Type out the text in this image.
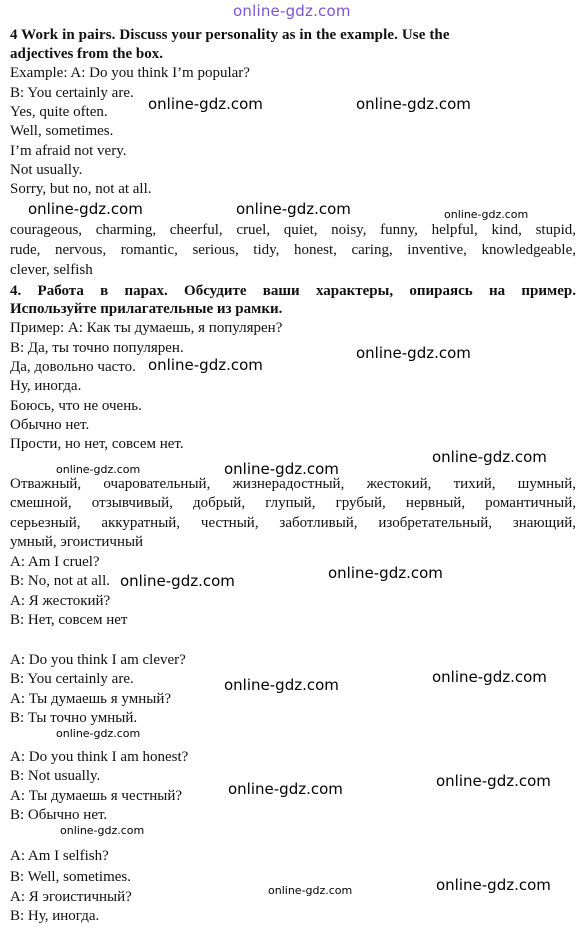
online-gdz.com
4 Work in pairs. Discuss your personality as in the example. Use the
adjectives from the box.
Example: A: Do you think I’m popular?
B: You certainly are.
Yes, quite often.
Well, sometimes.
I’m afraid not very.
Not usually.
Sorry, but no, not at all.
courageous, charming, cheerful, cruel, quiet, noisy, funny, helpful, kind, stupid,
rude, nervous, romantic, serious, tidy, honest, caring, inventive, knowledgeable,
clever, selfish
4. Работа в парах. Обсудите ваши характеры, опираясь на пример.
Используйте прилагательные из рамки.
Пример: А: Как ты думаешь, я популярен?
В: Да, ты точно популярен.
Да, довольно часто.
Ну, иногда.
Боюсь, что не очень.
Обычно нет.
Прости, но нет, совсем нет.
Отважный, очаровательный, жизнерадостный, жестокий, тихий, шумный,
смешной, отзывчивый, добрый, глупый, грубый, нервный, романтичный,
серьезный, аккуратный, честный, заботливый, изобретательный, знающий,
умный, эгоистичный
A: Am I cruel?
B: No, not at all.
А: Я жестокий?
В: Нет, совсем нет
A: Do you think I am clever?
B: You certainly are.
А: Ты думаешь я умный?
В: Ты точно умный.
A: Do you think I am honest?
B: Not usually.
А: Ты думаешь я честный?
В: Обычно нет.
A: Am I selfish?
B: Well, sometimes.
А: Я эгоистичный?
В: Ну, иногда.
online-gdz.com	online-gdz.com
online-gdz.com	online-gdz.com	online-gdz.com
online-gdz.com
online-gdz.com
online-gdz.com
online-gdz.com
online-gdz.com
online-gdz.com
online-gdz.com
online-gdz.com
online-gdz.com
online-gdz.com
online-gdz.com
online-gdz.com
online-gdz.com
online-gdz.com
online-gdz.com
